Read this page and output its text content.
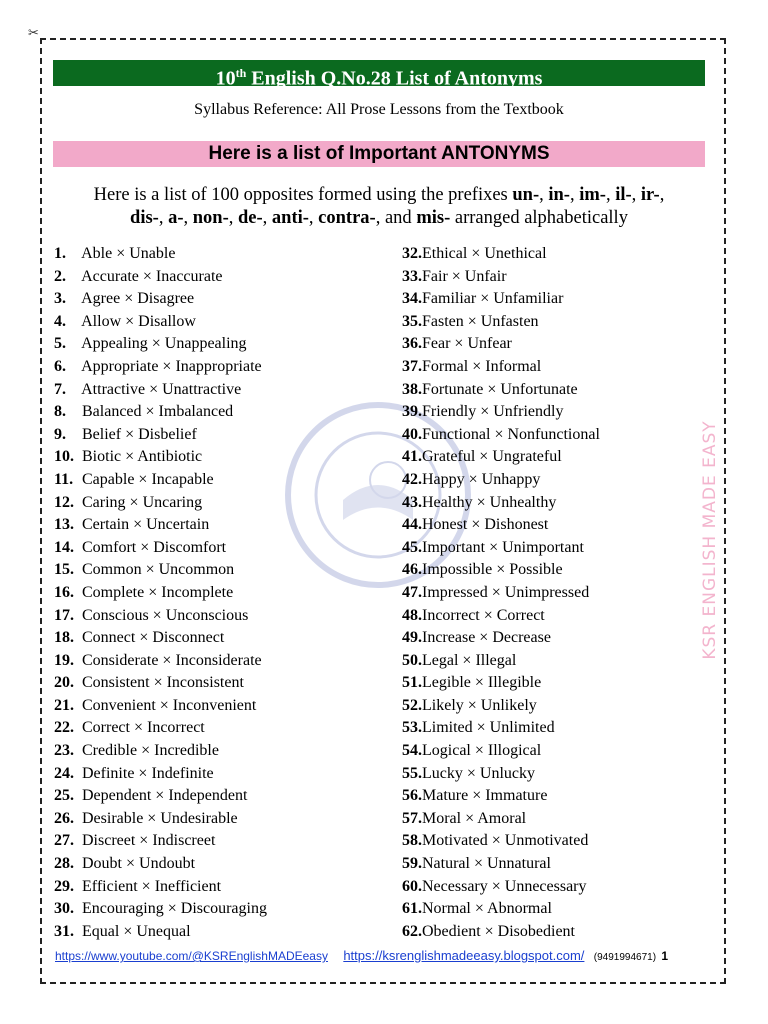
✂
10th English Q.No.28 List of Antonyms
Syllabus Reference: All Prose Lessons from the Textbook
Here is a list of Important ANTONYMS
Here is a list of 100 opposites formed using the prefixes un-, in-, im-, il-, ir-,
dis-, a-, non-, de-, anti-, contra-, and mis- arranged alphabetically
1. Able × Unable
2. Accurate × Inaccurate
3. Agree × Disagree
4. Allow × Disallow
5. Appealing × Unappealing
6. Appropriate × Inappropriate
7. Attractive × Unattractive
8. Balanced × Imbalanced
9. Belief × Disbelief
10. Biotic × Antibiotic
11. Capable × Incapable
12. Caring × Uncaring
13. Certain × Uncertain
14. Comfort × Discomfort
15. Common × Uncommon
16. Complete × Incomplete
17. Conscious × Unconscious
18. Connect × Disconnect
19. Considerate × Inconsiderate
20. Consistent × Inconsistent
21. Convenient × Inconvenient
22. Correct × Incorrect
23. Credible × Incredible
24. Definite × Indefinite
25. Dependent × Independent
26. Desirable × Undesirable
27. Discreet × Indiscreet
28. Doubt × Undoubt
29. Efficient × Inefficient
30. Encouraging × Discouraging
31. Equal × Unequal
32.Ethical × Unethical
33.Fair × Unfair
34.Familiar × Unfamiliar
35.Fasten × Unfasten
36.Fear × Unfear
37.Formal × Informal
38.Fortunate × Unfortunate
39.Friendly × Unfriendly
40.Functional × Nonfunctional
41.Grateful × Ungrateful
42.Happy × Unhappy
43.Healthy × Unhealthy
44.Honest × Dishonest
45.Important × Unimportant
46.Impossible × Possible
47.Impressed × Unimpressed
48.Incorrect × Correct
49.Increase × Decrease
50.Legal × Illegal
51.Legible × Illegible
52.Likely × Unlikely
53.Limited × Unlimited
54.Logical × Illogical
55.Lucky × Unlucky
56.Mature × Immature
57.Moral × Amoral
58.Motivated × Unmotivated
59.Natural × Unnatural
60.Necessary × Unnecessary
61.Normal × Abnormal
62.Obedient × Disobedient
KSR ENGLISH MADE EASY
https://www.youtube.com/@KSREnglishMADEeasy https://ksrenglishmadeeasy.blogspot.com/ (9491994671) 1
